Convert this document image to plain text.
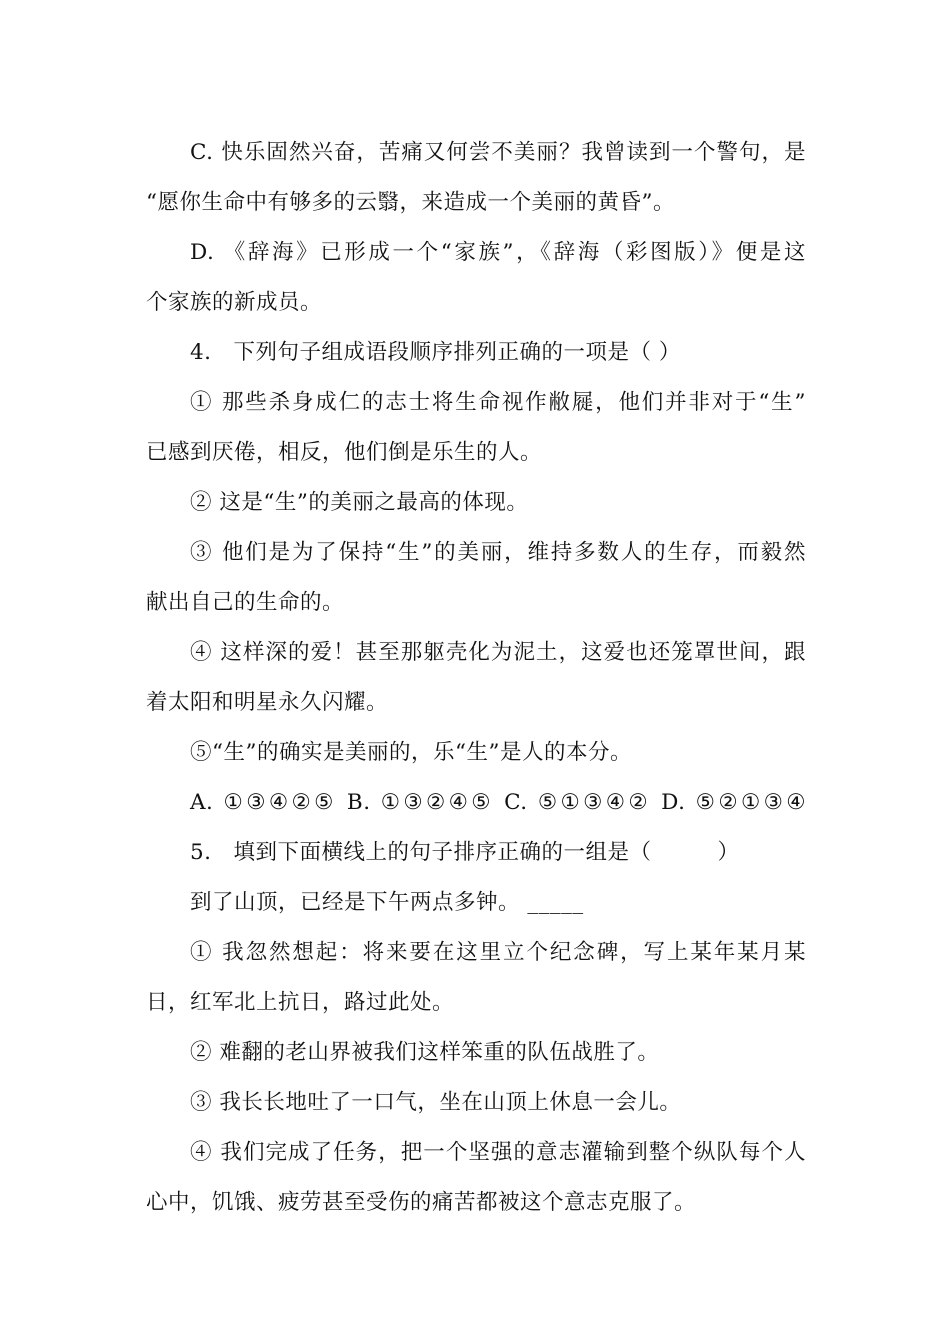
C. 快乐固然兴奋，苦痛又何尝不美丽？我曾读到一个警句，是
“愿你生命中有够多的云翳，来造成一个美丽的黄昏”。
D. 《辞海》已形成一个“家族”，《辞海（彩图版）》便是这
个家族的新成员。
4.　下列句子组成语段顺序排列正确的一项是（ ）
① 那些杀身成仁的志士将生命视作敝屣，他们并非对于“生”
已感到厌倦，相反，他们倒是乐生的人。
② 这是“生”的美丽之最高的体现。
③ 他们是为了保持“生”的美丽，维持多数人的生存，而毅然
献出自己的生命的。
④ 这样深的爱！甚至那躯壳化为泥土，这爱也还笼罩世间，跟
着太阳和明星永久闪耀。
⑤“生”的确实是美丽的，乐“生”是人的本分。
A. ①③④②⑤ B. ①③②④⑤ C. ⑤①③④② D. ⑤②①③④
5.　填到下面横线上的句子排序正确的一组是（　　　）
到了山顶，已经是下午两点多钟。 _____
① 我忽然想起：将来要在这里立个纪念碑，写上某年某月某
日，红军北上抗日，路过此处。
② 难翻的老山界被我们这样笨重的队伍战胜了。
③ 我长长地吐了一口气，坐在山顶上休息一会儿。
④ 我们完成了任务，把一个坚强的意志灌输到整个纵队每个人
心中，饥饿、疲劳甚至受伤的痛苦都被这个意志克服了。
